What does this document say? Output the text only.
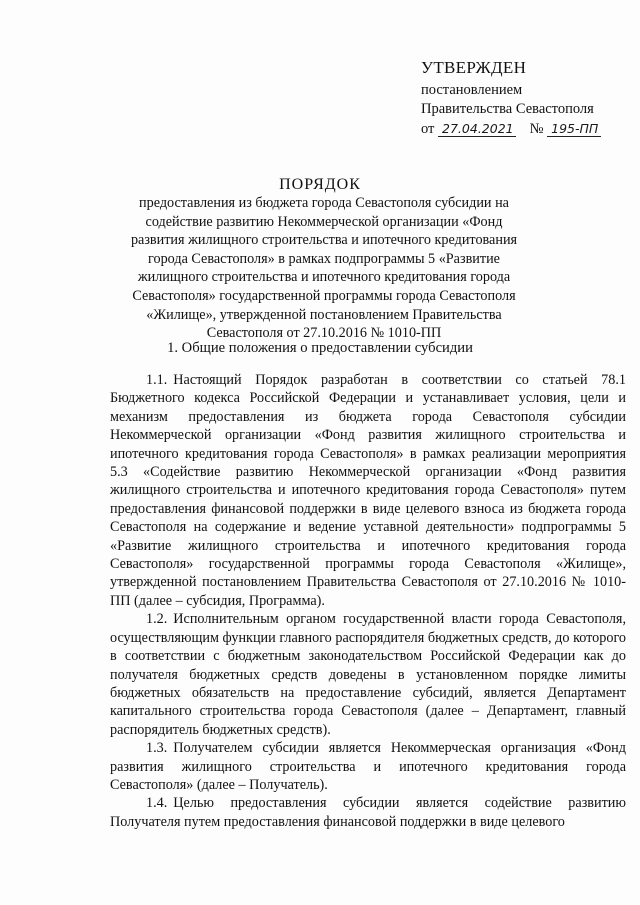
УТВЕРЖДЕН
постановлением
Правительства Севастополя
от 27.04.2021 № 195-ПП
ПОРЯДОК
предоставления из бюджета города Севастополя субсидии на содействие развитию Некоммерческой организации «Фонд развития жилищного строительства и ипотечного кредитования города Севастополя» в рамках подпрограммы 5 «Развитие жилищного строительства и ипотечного кредитования города Севастополя» государственной программы города Севастополя «Жилище», утвержденной постановлением Правительства Севастополя от 27.10.2016 № 1010-ПП
1. Общие положения о предоставлении субсидии

1.1. Настоящий Порядок разработан в соответствии со статьей 78.1 Бюджетного кодекса Российской Федерации и устанавливает условия, цели и механизм предоставления из бюджета города Севастополя субсидии Некоммерческой организации «Фонд развития жилищного строительства и ипотечного кредитования города Севастополя» в рамках реализации мероприятия 5.3 «Содействие развитию Некоммерческой организации «Фонд развития жилищного строительства и ипотечного кредитования города Севастополя» путем предоставления финансовой поддержки в виде целевого взноса из бюджета города Севастополя на содержание и ведение уставной деятельности» подпрограммы 5 «Развитие жилищного строительства и ипотечного кредитования города Севастополя» государственной программы города Севастополя «Жилище», утвержденной постановлением Правительства Севастополя от 27.10.2016 № 1010-ПП (далее – субсидия, Программа).

1.2. Исполнительным органом государственной власти города Севастополя, осуществляющим функции главного распорядителя бюджетных средств, до которого в соответствии с бюджетным законодательством Российской Федерации как до получателя бюджетных средств доведены в установленном порядке лимиты бюджетных обязательств на предоставление субсидий, является Департамент капитального строительства города Севастополя (далее – Департамент, главный распорядитель бюджетных средств).

1.3. Получателем субсидии является Некоммерческая организация «Фонд развития жилищного строительства и ипотечного кредитования города Севастополя» (далее – Получатель).

1.4. Целью предоставления субсидии является содействие развитию Получателя путем предоставления финансовой поддержки в виде целевого
